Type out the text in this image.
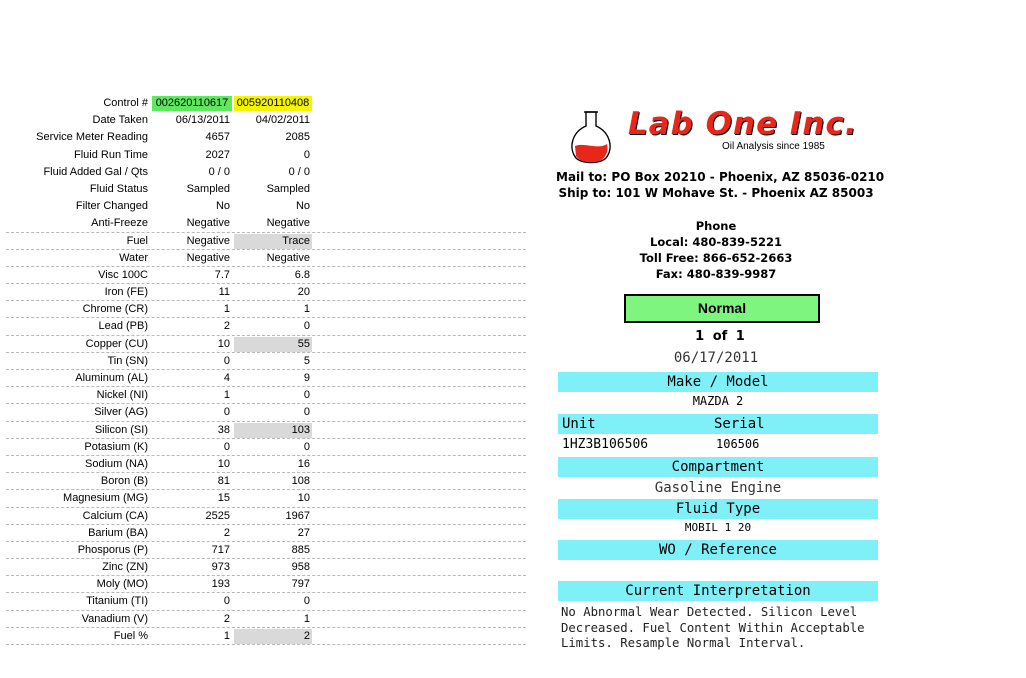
Control # 002620110617 005920110408
Date Taken	06/13/2011	04/02/2011
Service Meter Reading	4657	2085
Fluid Run Time	2027	0
Fluid Added Gal / Qts	0 / 0	0 / 0
Fluid Status	Sampled	Sampled
Filter Changed	No	No
Anti-Freeze	Negative	Negative
Fuel	Negative	Trace
Water	Negative	Negative
Visc 100C	7.7	6.8
Iron (FE)	11	20
Chrome (CR)	1	1
Lead (PB)	2	0
Copper (CU)	10	55
Tin (SN)	0	5
Aluminum (AL)	4	9
Nickel (NI)	1	0
Silver (AG)	0	0
Silicon (SI)	38	103
Potasium (K)	0	0
Sodium (NA)	10	16
Boron (B)	81	108
Magnesium (MG)	15	10
Calcium (CA)	2525	1967
Barium (BA)	2	27
Phosporus (P)	717	885
Zinc (ZN)	973	958
Moly (MO)	193	797
Titanium (TI)	0	0
Vanadium (V)	2	1
Fuel %	1	2
Lab One Inc.
Oil Analysis since 1985
Mail to: PO Box 20210 - Phoenix, AZ 85036-0210
Ship to: 101 W Mohave St. - Phoenix AZ 85003
Phone
Local: 480-839-5221
Toll Free: 866-652-2663
Fax: 480-839-9987
Normal
1 of 1
06/17/2011
Make / Model
MAZDA 2
Unit	Serial
1HZ3B106506	106506
Compartment
Gasoline Engine
Fluid Type
MOBIL 1 20
WO / Reference
Current Interpretation
No Abnormal Wear Detected. Silicon Level Decreased. Fuel Content Within Acceptable Limits. Resample Normal Interval.
